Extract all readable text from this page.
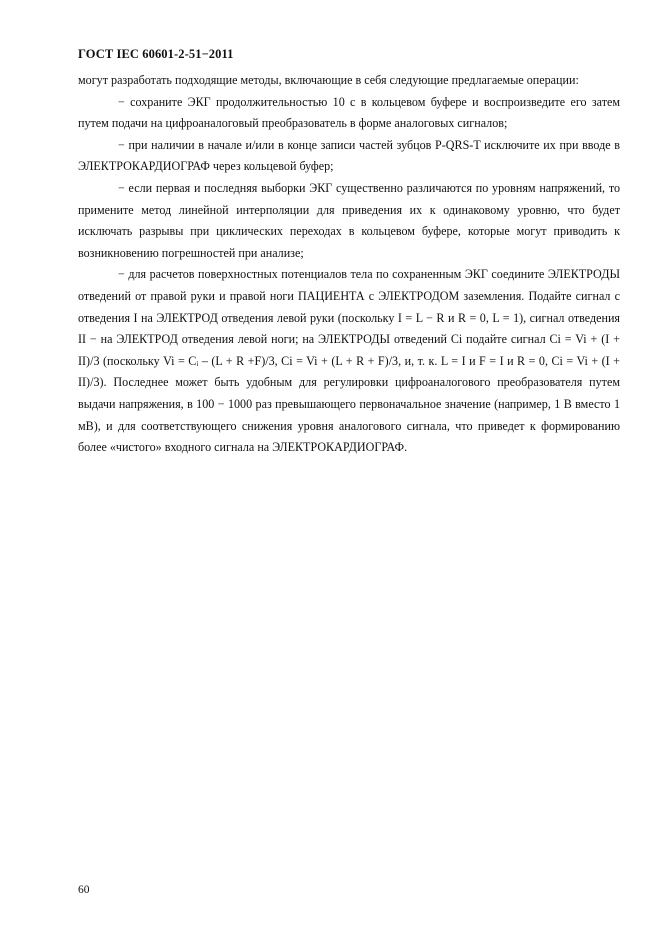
ГОСТ IEC 60601-2-51−2011

могут разработать подходящие методы, включающие в себя следующие предлагаемые операции:

− сохраните ЭКГ продолжительностью 10 с в кольцевом буфере и воспроизведите его затем путем подачи на цифроаналоговый преобразователь в форме аналоговых сигналов;

− при наличии в начале и/или в конце записи частей зубцов P-QRS-T исключите их при вводе в ЭЛЕКТРОКАРДИОГРАФ через кольцевой буфер;

− если первая и последняя выборки ЭКГ существенно различаются по уровням напряжений, то примените метод линейной интерполяции для приведения их к одинаковому уровню, что будет исключать разрывы при циклических переходах в кольцевом буфере, которые могут приводить к возникновению погрешностей при анализе;

− для расчетов поверхностных потенциалов тела по сохраненным ЭКГ соедините ЭЛЕКТРОДЫ отведений от правой руки и правой ноги ПАЦИЕНТА с ЭЛЕКТРОДОМ заземления. Подайте сигнал с отведения I на ЭЛЕКТРОД отведения левой руки (поскольку I = L − R и R = 0, L = 1), сигнал отведения II − на ЭЛЕКТРОД отведения левой ноги; на ЭЛЕКТРОДЫ отведений Ci подайте сигнал Ci = Vi + (I + II)/3 (поскольку Vi = Cᵢ – (L + R +F)/3, Ci = Vi + (L + R + F)/3, и, т. к. L = I и F = I и R = 0, Ci = Vi + (I + II)/3). Последнее может быть удобным для регулировки цифроаналогового преобразователя путем выдачи напряжения, в 100 − 1000 раз превышающего первоначальное значение (например, 1 В вместо 1 мВ), и для соответствующего снижения уровня аналогового сигнала, что приведет к формированию более «чистого» входного сигнала на ЭЛЕКТРОКАРДИОГРАФ.

60
